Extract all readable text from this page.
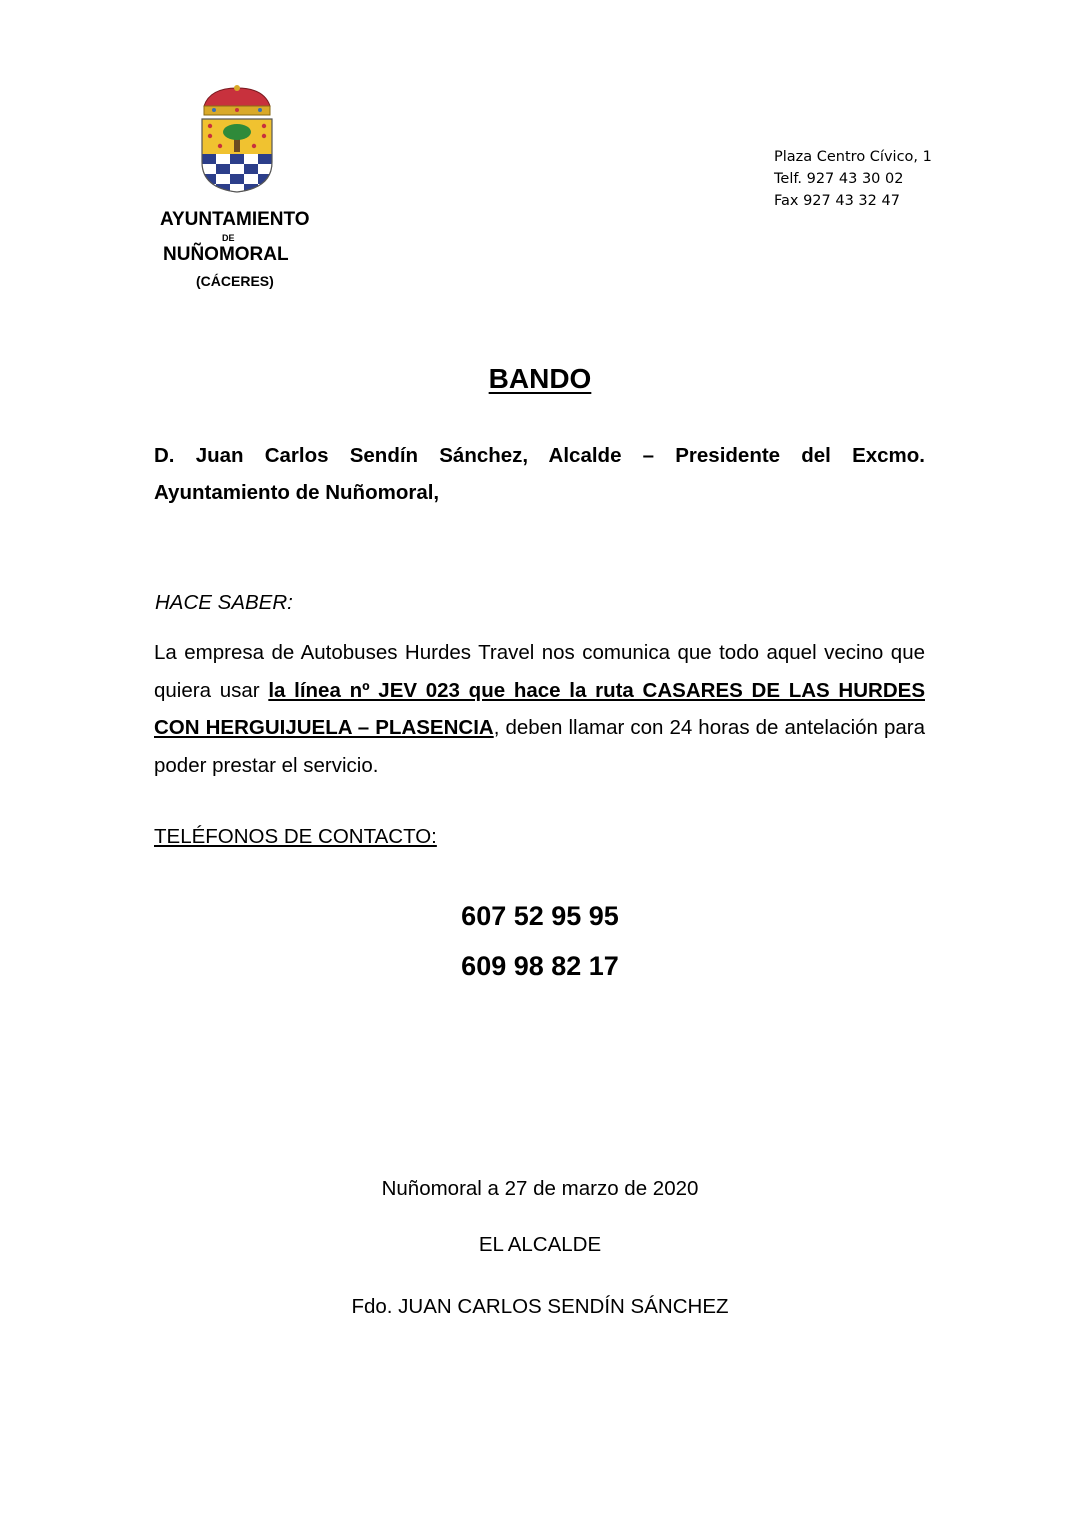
AYUNTAMIENTO
DE
NUÑOMORAL
(CÁCERES)
Plaza Centro Cívico, 1
Telf. 927 43 30 02
Fax 927 43 32 47
BANDO

D. Juan Carlos Sendín Sánchez, Alcalde – Presidente del Excmo.

Ayuntamiento de Nuñomoral,

HACE SABER:
La empresa de Autobuses Hurdes Travel nos comunica que todo aquel vecino que quiera usar la línea nº JEV 023 que hace la ruta CASARES DE LAS HURDES CON HERGUIJUELA – PLASENCIA, deben llamar con 24 horas de antelación para poder prestar el servicio.
TELÉFONOS DE CONTACTO:
607 52 95 95
609 98 82 17
Nuñomoral a 27 de marzo de 2020
EL ALCALDE
Fdo. JUAN CARLOS SENDÍN SÁNCHEZ
